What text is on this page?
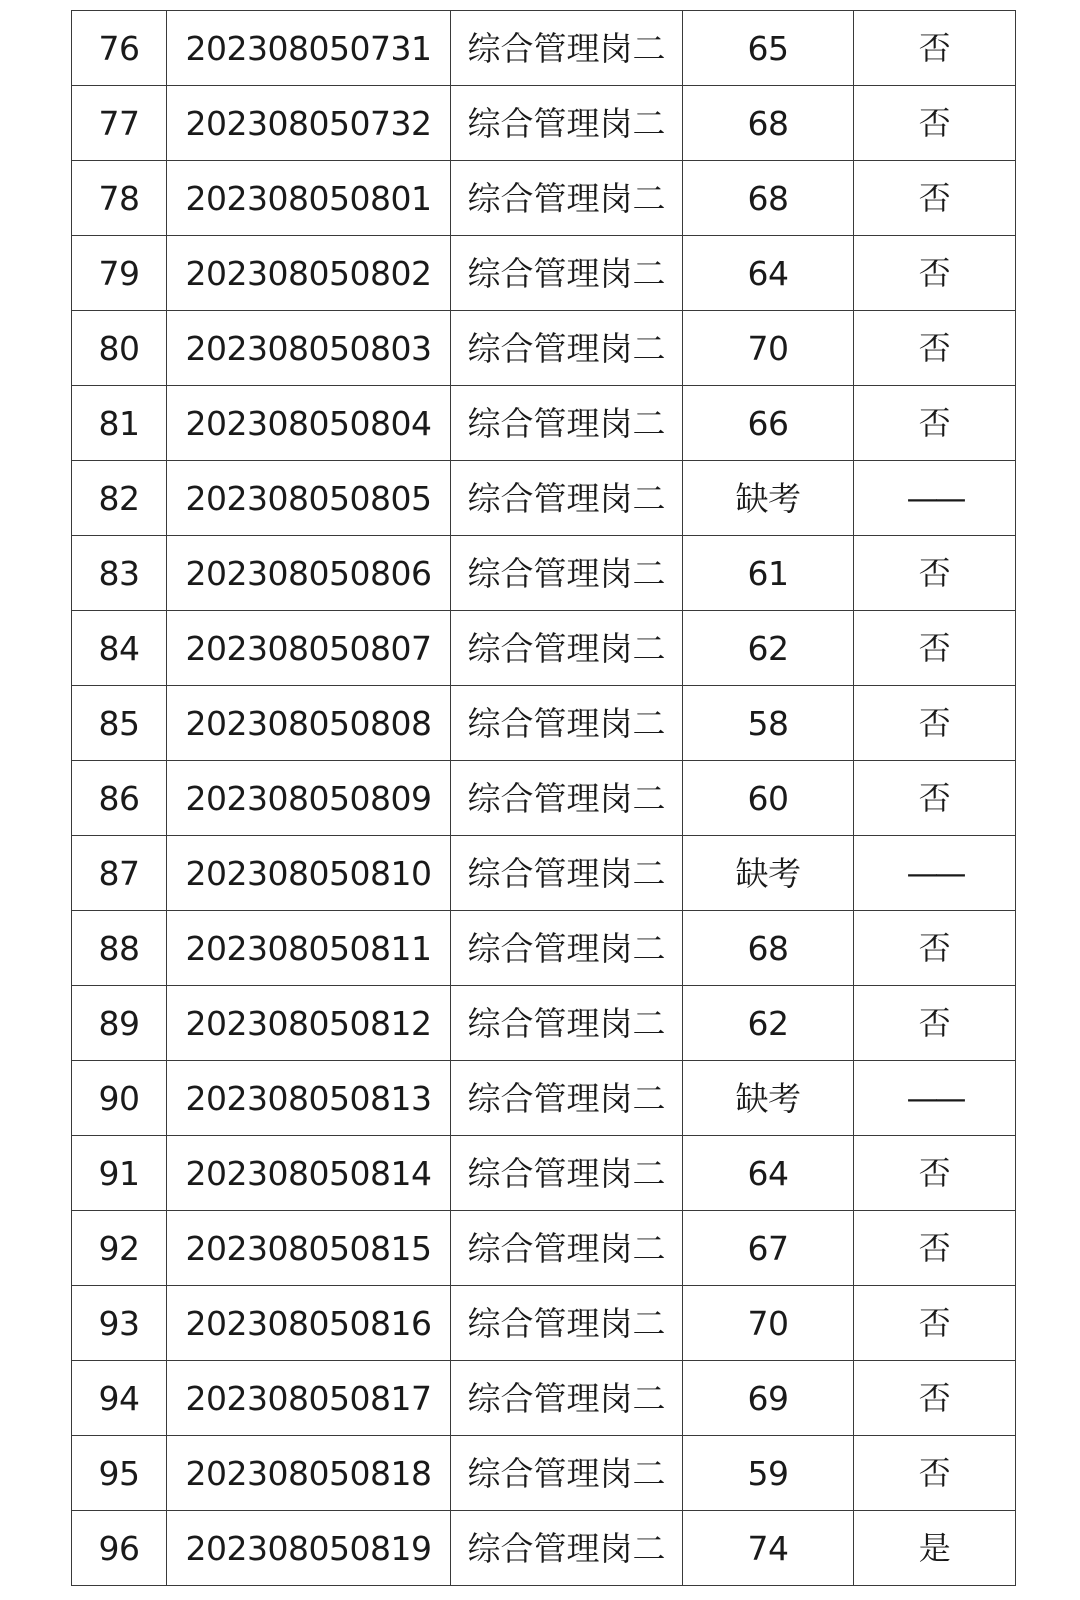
76	202308050731	综合管理岗二	65	否
77	202308050732	综合管理岗二	68	否
78	202308050801	综合管理岗二	68	否
79	202308050802	综合管理岗二	64	否
80	202308050803	综合管理岗二	70	否
81	202308050804	综合管理岗二	66	否
82	202308050805	综合管理岗二	缺考	——
83	202308050806	综合管理岗二	61	否
84	202308050807	综合管理岗二	62	否
85	202308050808	综合管理岗二	58	否
86	202308050809	综合管理岗二	60	否
87	202308050810	综合管理岗二	缺考	——
88	202308050811	综合管理岗二	68	否
89	202308050812	综合管理岗二	62	否
90	202308050813	综合管理岗二	缺考	——
91	202308050814	综合管理岗二	64	否
92	202308050815	综合管理岗二	67	否
93	202308050816	综合管理岗二	70	否
94	202308050817	综合管理岗二	69	否
95	202308050818	综合管理岗二	59	否
96	202308050819	综合管理岗二	74	是
